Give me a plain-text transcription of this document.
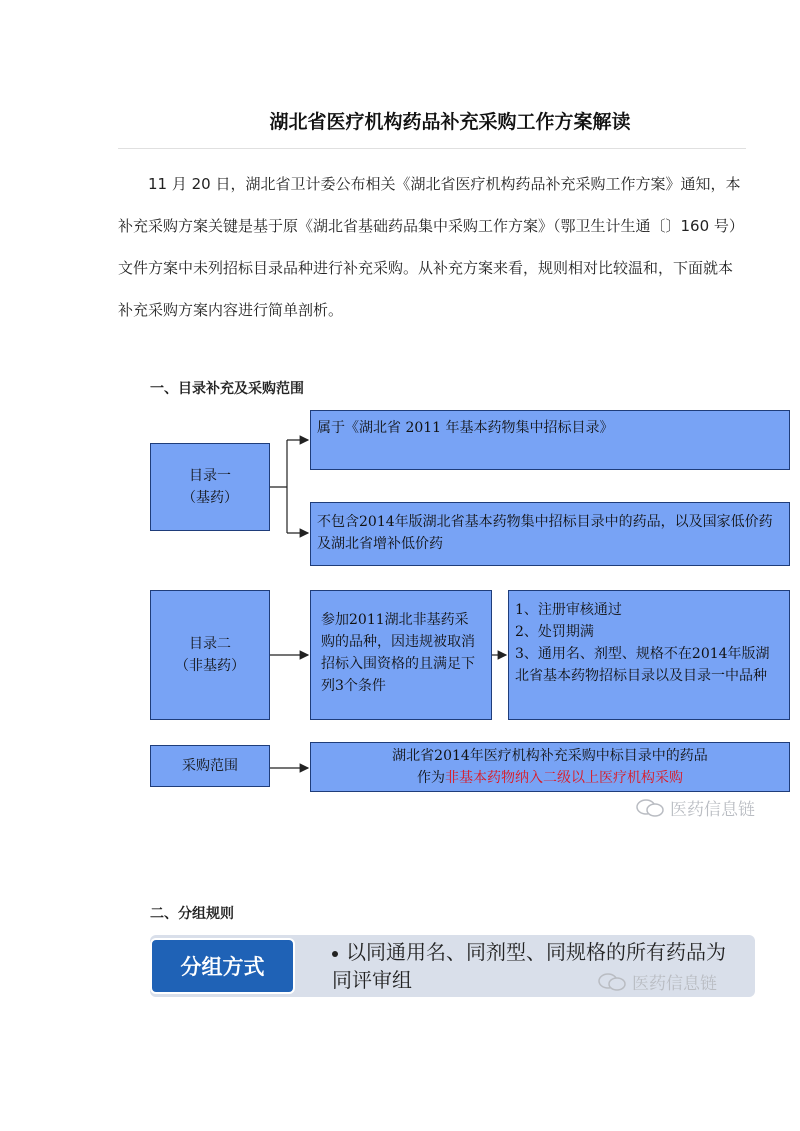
湖北省医疗机构药品补充采购工作方案解读

11 月 20 日，湖北省卫计委公布相关《湖北省医疗机构药品补充采购工作方案》通知，本补充采购方案关键是基于原《湖北省基础药品集中采购工作方案》（鄂卫生计生通〔〕160 号）文件方案中未列招标目录品种进行补充采购。从补充方案来看，规则相对比较温和，下面就本补充采购方案内容进行简单剖析。

一、目录补充及采购范围
目录一
（基药）
属于《湖北省 2011 年基本药物集中招标目录》
不包含2014年版湖北省基本药物集中招标目录中的药品，以及国家低价药及湖北省增补低价药
目录二
（非基药）
参加2011湖北非基药采购的品种，因违规被取消招标入围资格的且满足下列3个条件
1、注册审核通过
2、处罚期满
3、通用名、剂型、规格不在2014年版湖北省基本药物招标目录以及目录一中品种
采购范围
湖北省2014年医疗机构补充采购中标目录中的药品
作为非基本药物纳入二级以上医疗机构采购
医药信息链
二、分组规则
分组方式
以同通用名、同剂型、同规格的所有药品为同评审组	医药信息链
